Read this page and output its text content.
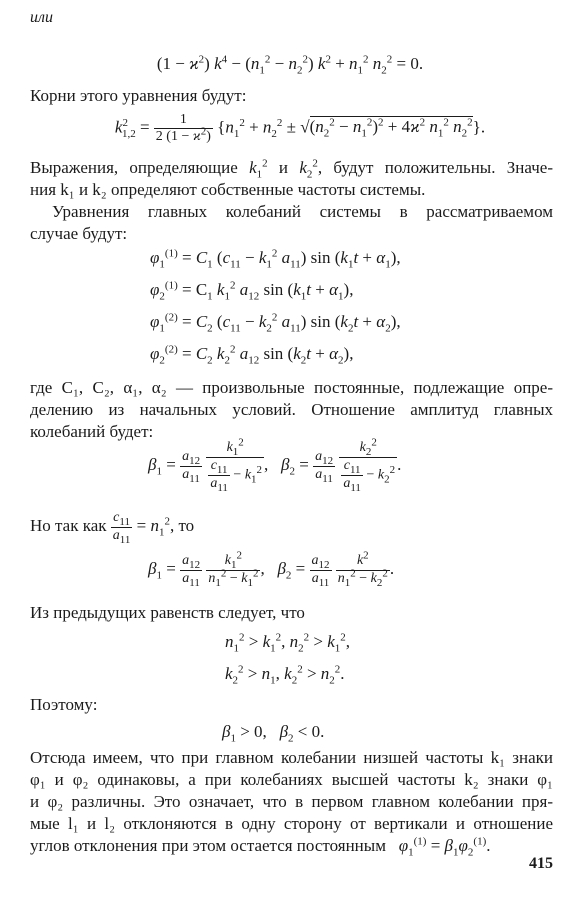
или
$(1 - ϰ^2)$ $k^4 - (n_1^2 - n_2^2) k^2 + n_1^2$ $n_2^2 = 0$.
Корни этого уравнения будут:
$k^2_{1,2} = \frac{1}{2 (1 - ϰ^2)} \{n_1^2 + n_2^2 \pm √(n_2^2 - n_1^2)^2 + 4ϰ^2$ $n_1^2$ $n_2^2$}.
Выражения, определяющие $k_1^2$ и $k_2^2$, будут положительны. Значе-
ния k₁ и k₂ определяют собственные частоты системы.
Уравнения главных колебаний системы в рассматриваемом
случае будут:
$\varphi_1^{(1)} = C_1$ ($c_{11} - k_1^2$ $a_{11}$) $\sin (k_1t + \alpha_1)$,
$\varphi_2^{(1)} = C_1$ $k_1^2$ $a_{12}$ $\sin (k_1t + \alpha_1)$,
$\varphi_1^{(2)} = C_2$ ($c_{11} - k_2^2$ $a_{11}$) $\sin (k_2t + \alpha_2)$,
$\varphi_2^{(2)} = C_2$ $k_2^2$ $a_{12}$ $\sin (k_2t + \alpha_2)$,
где C₁, C₂, α₁, α₂ — произвольные постоянные, подлежащие опре-
делению из начальных условий. Отношение амплитуд главных
колебаний будет:
$\beta_1 = \frac{a_{12}}{a_{11}}$
$\frac{k_1^2}{\frac{c_{11}}{a_{11}} - k_1^2}$ ,   $\beta_2 = \frac{a_{12}}{a_{11}}$
$\frac{k_2^2}{\frac{c_{11}}{a_{11}} - k_2^2}$ .
Но так как $\frac{c_{11}}{a_{11}} = n_1^2$, то
$\beta_1 = \frac{a_{12}}{a_{11}}$
$\frac{k_1^2}{n_1^2 - k_1^2}$ ,   $\beta_2 = \frac{a_{12}}{a_{11}}$
$\frac{k^2}{n_1^2 - k_2^2}$ .
Из предыдущих равенств следует, что
$n_1^2 > k_1^2$, $n_2^2 > k_1^2$,
$k_2^2 > n_1$, $k_2^2 > n_2^2$.
Поэтому:
$\beta_1 > 0$,   $\beta_2 < 0$.
Отсюда имеем, что при главном колебании низшей частоты k₁ знаки
φ₁ и φ₂ одинаковы, а при колебаниях высшей частоты k₂ знаки φ₁
и φ₂ различны. Это означает, что в первом главном колебании пря-
мые l₁ и l₂ отклоняются в одну сторону от вертикали и отношение
углов отклонения при этом остается постоянным $\varphi_1^{(1)} = \beta_1\varphi_2^{(1)}$.
415
